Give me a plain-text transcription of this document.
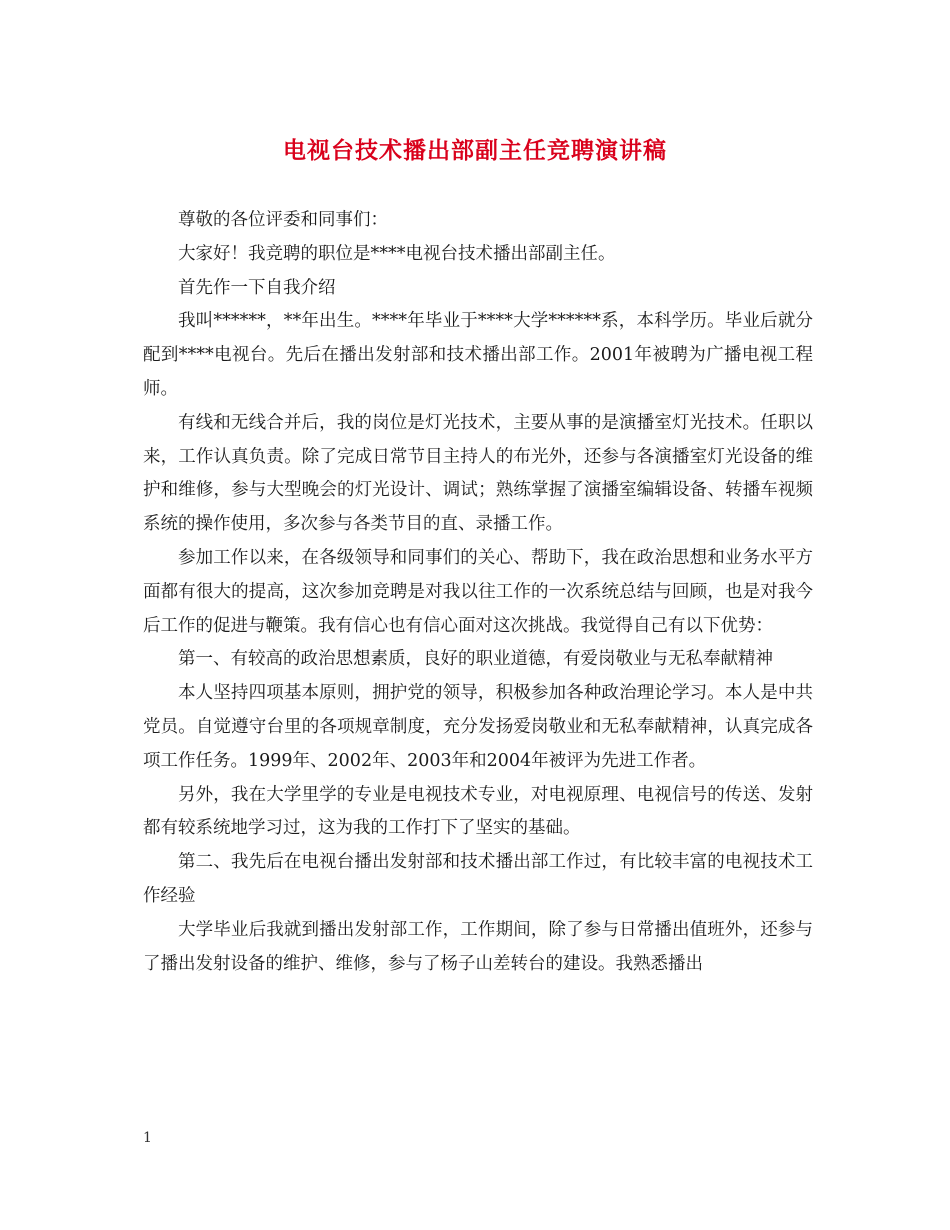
电视台技术播出部副主任竞聘演讲稿

尊敬的各位评委和同事们：

大家好！我竞聘的职位是****电视台技术播出部副主任。

首先作一下自我介绍

我叫******，**年出生。****年毕业于****大学******系，本科学历。毕业后就分配到****电视台。先后在播出发射部和技术播出部工作。2001年被聘为广播电视工程师。

有线和无线合并后，我的岗位是灯光技术，主要从事的是演播室灯光技术。任职以来，工作认真负责。除了完成日常节目主持人的布光外，还参与各演播室灯光设备的维护和维修，参与大型晚会的灯光设计、调试；熟练掌握了演播室编辑设备、转播车视频系统的操作使用，多次参与各类节目的直、录播工作。

参加工作以来，在各级领导和同事们的关心、帮助下，我在政治思想和业务水平方面都有很大的提高，这次参加竞聘是对我以往工作的一次系统总结与回顾，也是对我今后工作的促进与鞭策。我有信心也有信心面对这次挑战。我觉得自己有以下优势：

第一、有较高的政治思想素质，良好的职业道德，有爱岗敬业与无私奉献精神

本人坚持四项基本原则，拥护党的领导，积极参加各种政治理论学习。本人是中共党员。自觉遵守台里的各项规章制度，充分发扬爱岗敬业和无私奉献精神，认真完成各项工作任务。1999年、2002年、2003年和2004年被评为先进工作者。

另外，我在大学里学的专业是电视技术专业，对电视原理、电视信号的传送、发射都有较系统地学习过，这为我的工作打下了坚实的基础。

第二、我先后在电视台播出发射部和技术播出部工作过，有比较丰富的电视技术工作经验

大学毕业后我就到播出发射部工作，工作期间，除了参与日常播出值班外，还参与了播出发射设备的维护、维修，参与了杨子山差转台的建设。我熟悉播出

1
